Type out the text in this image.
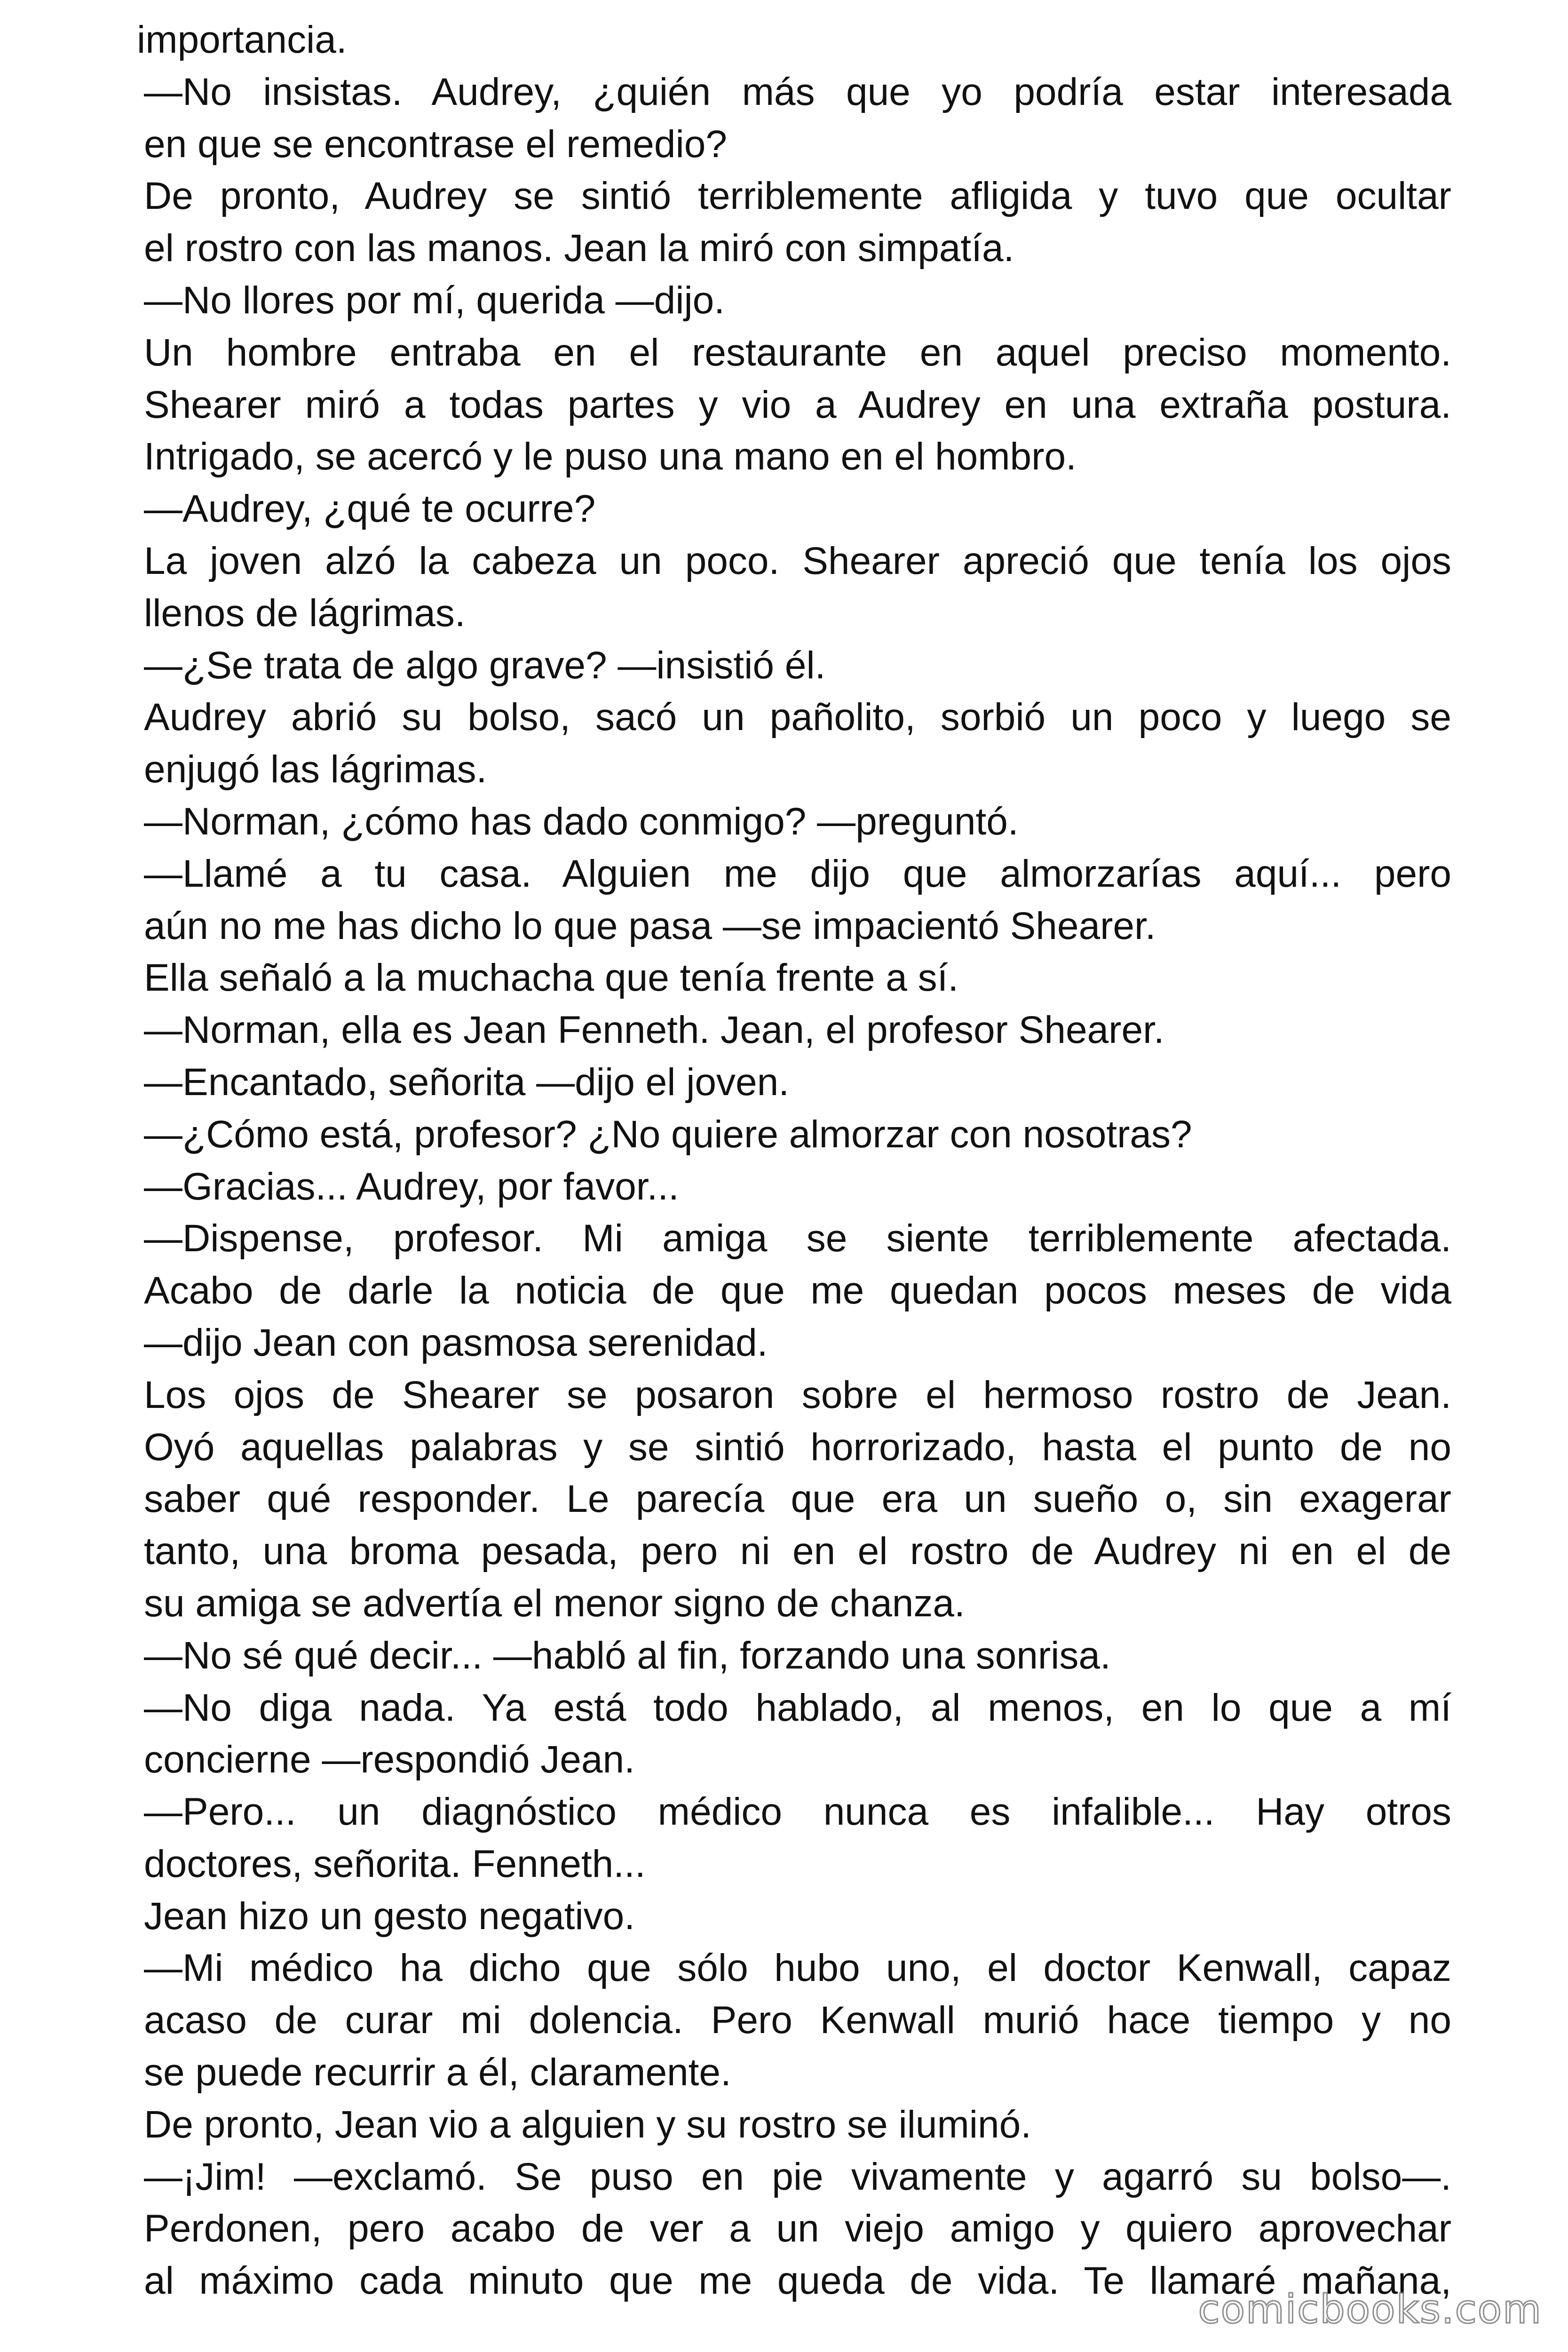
importancia.
—No insistas. Audrey, ¿quién más que yo podría estar interesada
en que se encontrase el remedio?
De pronto, Audrey se sintió terriblemente afligida y tuvo que ocultar
el rostro con las manos. Jean la miró con simpatía.
—No llores por mí, querida —dijo.
Un hombre entraba en el restaurante en aquel preciso momento.
Shearer miró a todas partes y vio a Audrey en una extraña postura.
Intrigado, se acercó y le puso una mano en el hombro.
—Audrey, ¿qué te ocurre?
La joven alzó la cabeza un poco. Shearer apreció que tenía los ojos
llenos de lágrimas.
—¿Se trata de algo grave? —insistió él.
Audrey abrió su bolso, sacó un pañolito, sorbió un poco y luego se
enjugó las lágrimas.
—Norman, ¿cómo has dado conmigo? —preguntó.
—Llamé a tu casa. Alguien me dijo que almorzarías aquí... pero
aún no me has dicho lo que pasa —se impacientó Shearer.
Ella señaló a la muchacha que tenía frente a sí.
—Norman, ella es Jean Fenneth. Jean, el profesor Shearer.
—Encantado, señorita —dijo el joven.
—¿Cómo está, profesor? ¿No quiere almorzar con nosotras?
—Gracias... Audrey, por favor...
—Dispense, profesor. Mi amiga se siente terriblemente afectada.
Acabo de darle la noticia de que me quedan pocos meses de vida
—dijo Jean con pasmosa serenidad.
Los ojos de Shearer se posaron sobre el hermoso rostro de Jean.
Oyó aquellas palabras y se sintió horrorizado, hasta el punto de no
saber qué responder. Le parecía que era un sueño o, sin exagerar
tanto, una broma pesada, pero ni en el rostro de Audrey ni en el de
su amiga se advertía el menor signo de chanza.
—No sé qué decir... —habló al fin, forzando una sonrisa.
—No diga nada. Ya está todo hablado, al menos, en lo que a mí
concierne —respondió Jean.
—Pero... un diagnóstico médico nunca es infalible... Hay otros
doctores, señorita. Fenneth...
Jean hizo un gesto negativo.
—Mi médico ha dicho que sólo hubo uno, el doctor Kenwall, capaz
acaso de curar mi dolencia. Pero Kenwall murió hace tiempo y no
se puede recurrir a él, claramente.
De pronto, Jean vio a alguien y su rostro se iluminó.
—¡Jim! —exclamó. Se puso en pie vivamente y agarró su bolso—.
Perdonen, pero acabo de ver a un viejo amigo y quiero aprovechar
al máximo cada minuto que me queda de vida. Te llamaré mañana,
comicbooks.com
